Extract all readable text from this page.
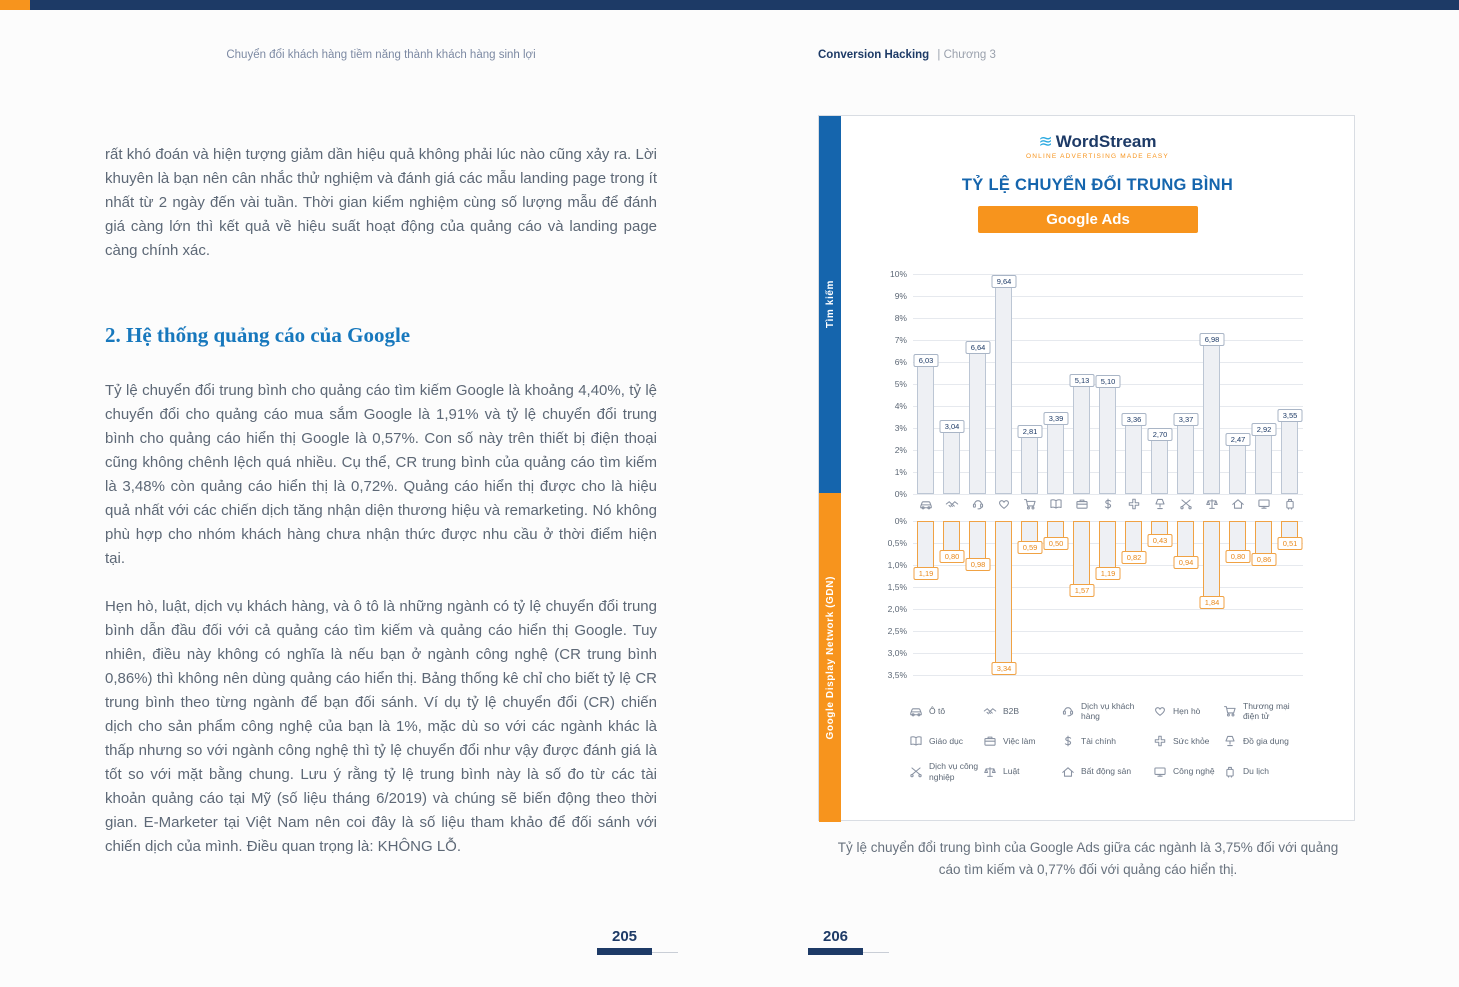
Chuyển đổi khách hàng tiềm năng thành khách hàng sinh lợi	Conversion Hacking | Chương 3

rất khó đoán và hiện tượng giảm dần hiệu quả không phải lúc nào cũng xảy ra. Lời khuyên là bạn nên cân nhắc thử nghiệm và đánh giá các mẫu landing page trong ít nhất từ 2 ngày đến vài tuần. Thời gian kiểm nghiệm cùng số lượng mẫu để đánh giá càng lớn thì kết quả về hiệu suất hoạt động của quảng cáo và landing page càng chính xác.

2. Hệ thống quảng cáo của Google

Tỷ lệ chuyển đổi trung bình cho quảng cáo tìm kiếm Google là khoảng 4,40%, tỷ lệ chuyển đổi cho quảng cáo mua sắm Google là 1,91% và tỷ lệ chuyển đổi trung bình cho quảng cáo hiển thị Google là 0,57%. Con số này trên thiết bị điện thoại cũng không chênh lệch quá nhiều. Cụ thể, CR trung bình của quảng cáo tìm kiếm là 3,48% còn quảng cáo hiển thị là 0,72%. Quảng cáo hiển thị được cho là hiệu quả nhất với các chiến dịch tăng nhận diện thương hiệu và remarketing. Nó không phù hợp cho nhóm khách hàng chưa nhận thức được nhu cầu ở thời điểm hiện tại.

Hẹn hò, luật, dịch vụ khách hàng, và ô tô là những ngành có tỷ lệ chuyển đổi trung bình dẫn đầu đối với cả quảng cáo tìm kiếm và quảng cáo hiển thị Google. Tuy nhiên, điều này không có nghĩa là nếu bạn ở ngành công nghệ (CR trung bình 0,86%) thì không nên dùng quảng cáo hiển thị. Bảng thống kê chỉ cho biết tỷ lệ CR trung bình theo từng ngành để bạn đối sánh. Ví dụ tỷ lệ chuyển đổi (CR) chiến dịch cho sản phẩm công nghệ của bạn là 1%, mặc dù so với các ngành khác là thấp nhưng so với ngành công nghệ thì tỷ lệ chuyển đổi như vậy được đánh giá là tốt so với mặt bằng chung. Lưu ý rằng tỷ lệ trung bình này là số đo từ các tài khoản quảng cáo tại Mỹ (số liệu tháng 6/2019) và chúng sẽ biến động theo thời gian. E-Marketer tại Việt Nam nên coi đây là số liệu tham khảo để đối sánh với chiến dịch của mình. Điều quan trọng là: KHÔNG LỖ.

Tìm kiếm
Google Display Network (GDN)
≋ WordStream
ONLINE ADVERTISING MADE EASY
TỶ LỆ CHUYỂN ĐỔI TRUNG BÌNH
Google Ads
10%
9%
8%
7%
6%
5%
4%
3%
2%
1%
0%
6,03
3,04
6,64
9,64
2,81
3,39
5,13	5,10
3,36
2,70
3,37
6,98
2,47
2,92
3,55
0%
0,5%
1,0%
1,5%
2,0%
2,5%
3,0%
3,5%
1,19
0,80
0,98
3,34
0,59	0,50
1,57
1,19
0,82
0,43
0,94
1,84
0,80	0,86
0,51
Ô tô	B2B
Dịch vụ khách hàng
Hẹn hò
Thương mại điện tử
Giáo dục	Việc làm	Tài chính	Sức khỏe	Đồ gia dụng
Dịch vụ công nghiệp
Luật	Bất động sản	Công nghệ	Du lịch
Tỷ lệ chuyển đổi trung bình của Google Ads giữa các ngành là 3,75% đối với quảng cáo tìm kiếm và 0,77% đối với quảng cáo hiển thị.
205	206
